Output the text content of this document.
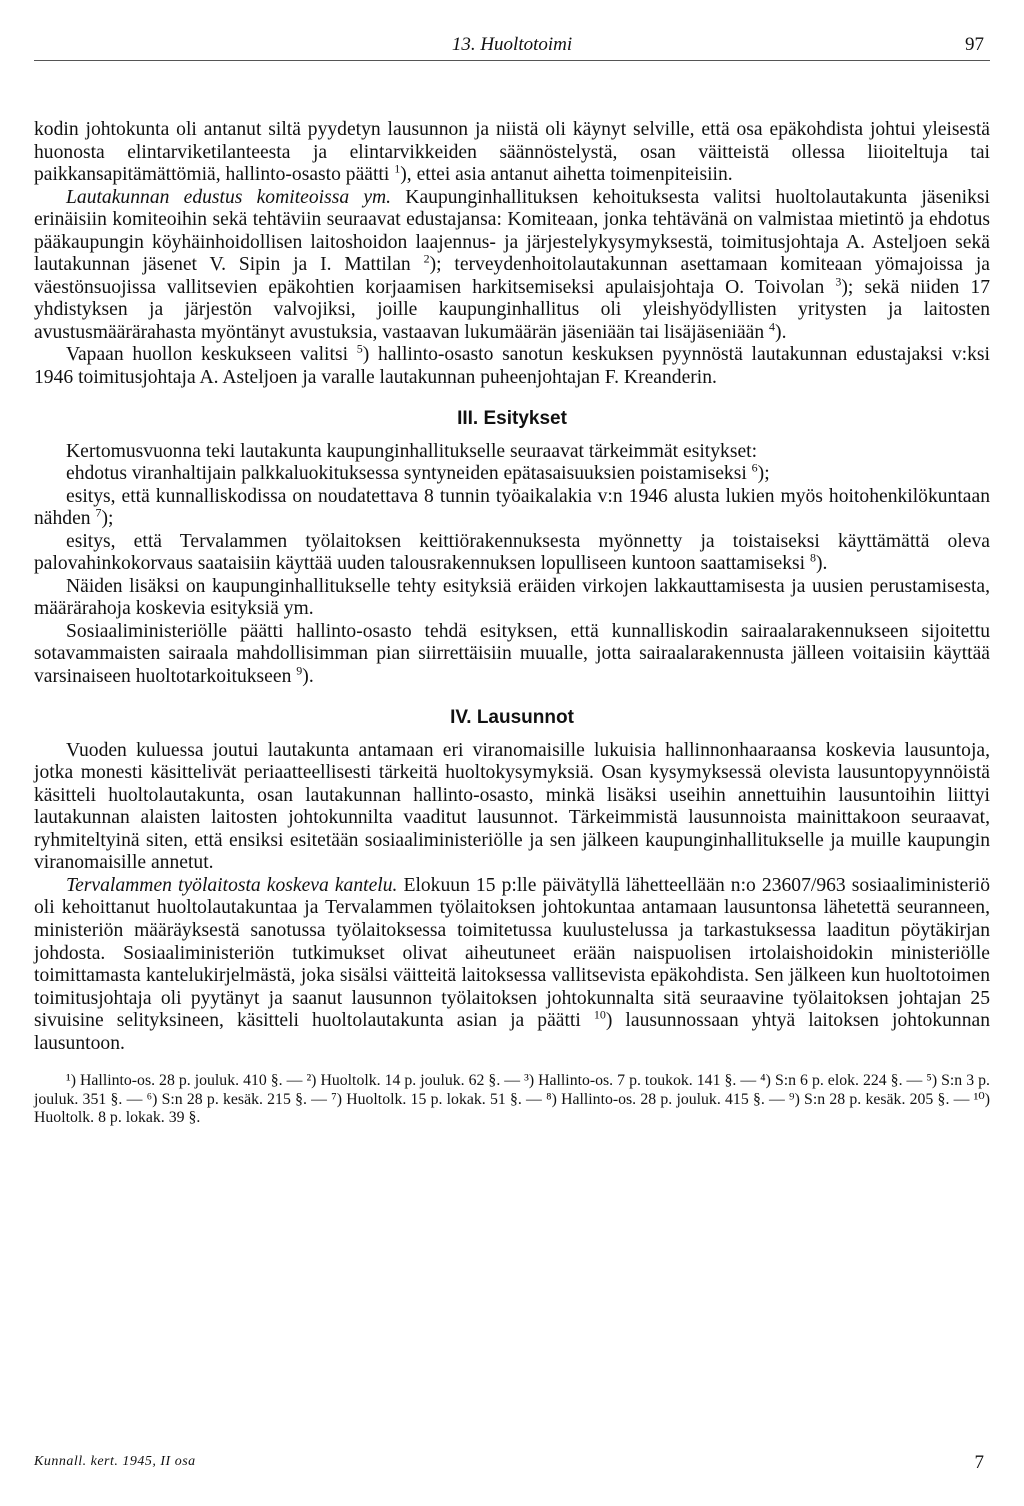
13. Huoltotoimi	97

kodin johtokunta oli antanut siltä pyydetyn lausunnon ja niistä oli käynyt selville, että osa epäkohdista johtui yleisestä huonosta elintarviketilanteesta ja elintarvikkeiden säännöstelystä, osan väitteistä ollessa liioiteltuja tai paikkansapitämättömiä, hallinto-osasto päätti $^1$), ettei asia antanut aihetta toimenpiteisiin.

Lautakunnan edustus komiteoissa ym. Kaupunginhallituksen kehoituksesta valitsi huoltolautakunta jäseniksi erinäisiin komiteoihin sekä tehtäviin seuraavat edustajansa: Komiteaan, jonka tehtävänä on valmistaa mietintö ja ehdotus pääkaupungin köyhäinhoidollisen laitoshoidon laajennus- ja järjestelykysymyksestä, toimitusjohtaja A. Asteljoen sekä lautakunnan jäsenet V. Sipin ja I. Mattilan $^2$); terveydenhoitolautakunnan asettamaan komiteaan yömajoissa ja väestönsuojissa vallitsevien epäkohtien korjaamisen harkitsemiseksi apulaisjohtaja O. Toivolan $^3$); sekä niiden 17 yhdistyksen ja järjestön valvojiksi, joille kaupunginhallitus oli yleishyödyllisten yritysten ja laitosten avustusmäärärahasta myöntänyt avustuksia, vastaavan lukumäärän jäseniään tai lisäjäseniään $^4$).

Vapaan huollon keskukseen valitsi $^5$) hallinto-osasto sanotun keskuksen pyynnöstä lautakunnan edustajaksi v:ksi 1946 toimitusjohtaja A. Asteljoen ja varalle lautakunnan puheenjohtajan F. Kreanderin.

III. Esitykset

Kertomusvuonna teki lautakunta kaupunginhallitukselle seuraavat tärkeimmät esitykset:

ehdotus viranhaltijain palkkaluokituksessa syntyneiden epätasaisuuksien poistamiseksi $^6$);

esitys, että kunnalliskodissa on noudatettava 8 tunnin työaikalakia v:n 1946 alusta lukien myös hoitohenkilökuntaan nähden $^7$);

esitys, että Tervalammen työlaitoksen keittiörakennuksesta myönnetty ja toistaiseksi käyttämättä oleva palovahinkokorvaus saataisiin käyttää uuden talousrakennuksen lopulliseen kuntoon saattamiseksi $^8$).

Näiden lisäksi on kaupunginhallitukselle tehty esityksiä eräiden virkojen lakkauttamisesta ja uusien perustamisesta, määrärahoja koskevia esityksiä ym.

Sosiaaliministeriölle päätti hallinto-osasto tehdä esityksen, että kunnalliskodin sairaalarakennukseen sijoitettu sotavammaisten sairaala mahdollisimman pian siirrettäisiin muualle, jotta sairaalarakennusta jälleen voitaisiin käyttää varsinaiseen huoltotarkoitukseen $^9$).

IV. Lausunnot

Vuoden kuluessa joutui lautakunta antamaan eri viranomaisille lukuisia hallinnonhaaraansa koskevia lausuntoja, jotka monesti käsittelivät periaatteellisesti tärkeitä huoltokysymyksiä. Osan kysymyksessä olevista lausuntopyynnöistä käsitteli huoltolautakunta, osan lautakunnan hallinto-osasto, minkä lisäksi useihin annettuihin lausuntoihin liittyi lautakunnan alaisten laitosten johtokunnilta vaaditut lausunnot. Tärkeimmistä lausunnoista mainittakoon seuraavat, ryhmiteltyinä siten, että ensiksi esitetään sosiaaliministeriölle ja sen jälkeen kaupunginhallitukselle ja muille kaupungin viranomaisille annetut.

Tervalammen työlaitosta koskeva kantelu. Elokuun 15 p:lle päivätyllä lähetteellään n:o 23607/963 sosiaaliministeriö oli kehoittanut huoltolautakuntaa ja Tervalammen työlaitoksen johtokuntaa antamaan lausuntonsa lähetettä seuranneen, ministeriön määräyksestä sanotussa työlaitoksessa toimitetussa kuulustelussa ja tarkastuksessa laaditun pöytäkirjan johdosta. Sosiaaliministeriön tutkimukset olivat aiheutuneet erään naispuolisen irtolaishoidokin ministeriölle toimittamasta kantelukirjelmästä, joka sisälsi väitteitä laitoksessa vallitsevista epäkohdista. Sen jälkeen kun huoltotoimen toimitusjohtaja oli pyytänyt ja saanut lausunnon työlaitoksen johtokunnalta sitä seuraavine työlaitoksen johtajan 25 sivuisine selityksineen, käsitteli huoltolautakunta asian ja päätti $^{10}$) lausunnossaan yhtyä laitoksen johtokunnan lausuntoon.

¹) Hallinto-os. 28 p. jouluk. 410 §. — ²) Huoltolk. 14 p. jouluk. 62 §. — ³) Hallinto-os. 7 p. toukok. 141 §. — ⁴) S:n 6 p. elok. 224 §. — ⁵) S:n 3 p. jouluk. 351 §. — ⁶) S:n 28 p. kesäk. 215 §. — ⁷) Huoltolk. 15 p. lokak. 51 §. — ⁸) Hallinto-os. 28 p. jouluk. 415 §. — ⁹) S:n 28 p. kesäk. 205 §. — ¹⁰) Huoltolk. 8 p. lokak. 39 §.

Kunnall. kert. 1945, II osa	7
